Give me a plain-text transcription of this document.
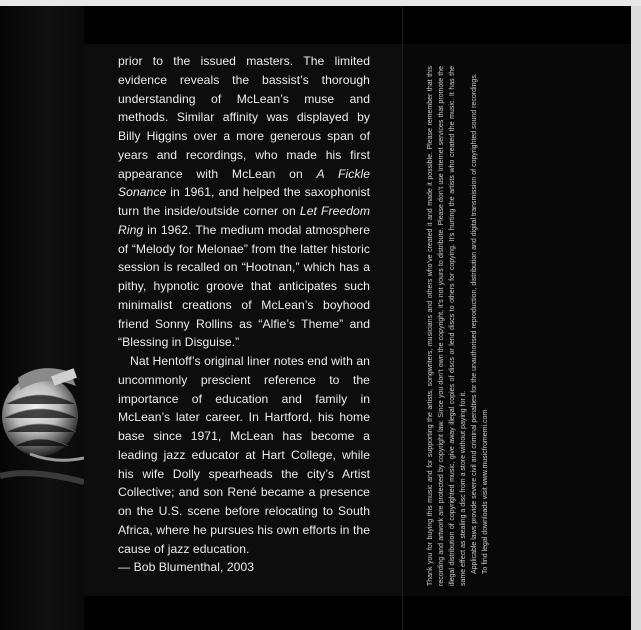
prior to the issued masters. The limited evidence reveals the bassist’s thorough understanding of McLean’s muse and methods. Similar affinity was displayed by Billy Higgins over a more generous span of years and recordings, who made his first appearance with McLean on A Fickle Sonance in 1961, and helped the saxophonist turn the inside/outside corner on Let Freedom Ring in 1962. The medium modal atmosphere of “Melody for Melonae” from the latter historic session is recalled on “Hootnan,” which has a pithy, hypnotic groove that anticipates such minimalist creations of McLean’s boyhood friend Sonny Rollins as “Alfie’s Theme” and “Blessing in Disguise.”

Nat Hentoff’s original liner notes end with an uncommonly prescient reference to the importance of education and family in McLean’s later career. In Hartford, his home base since 1971, McLean has become a leading jazz educator at Hart College, while his wife Dolly spearheads the city’s Artist Collective; and son René became a presence on the U.S. scene before relocating to South Africa, where he pursues his own efforts in the cause of jazz education.

— Bob Blumenthal, 2003	Thank you for buying this music and for supporting the artists, songwriters, musicians and others who’ve created it and made it possible. Please remember that this recording and artwork are protected by copyright law. Since you don’t own the copyright, it’s not yours to distribute. Please don’t use Internet services that promote the illegal distribution of copyrighted music, give away illegal copies of discs or lend discs to others for copying. It’s hurting the artists who created the music. It has the same effect as stealing a disc from a store without paying for it. Applicable laws provide severe civil and criminal penalties for the unauthorised reproduction, distribution and digital transmission of copyrighted sound recordings. To find legal downloads visit www.musicfromemi.com
